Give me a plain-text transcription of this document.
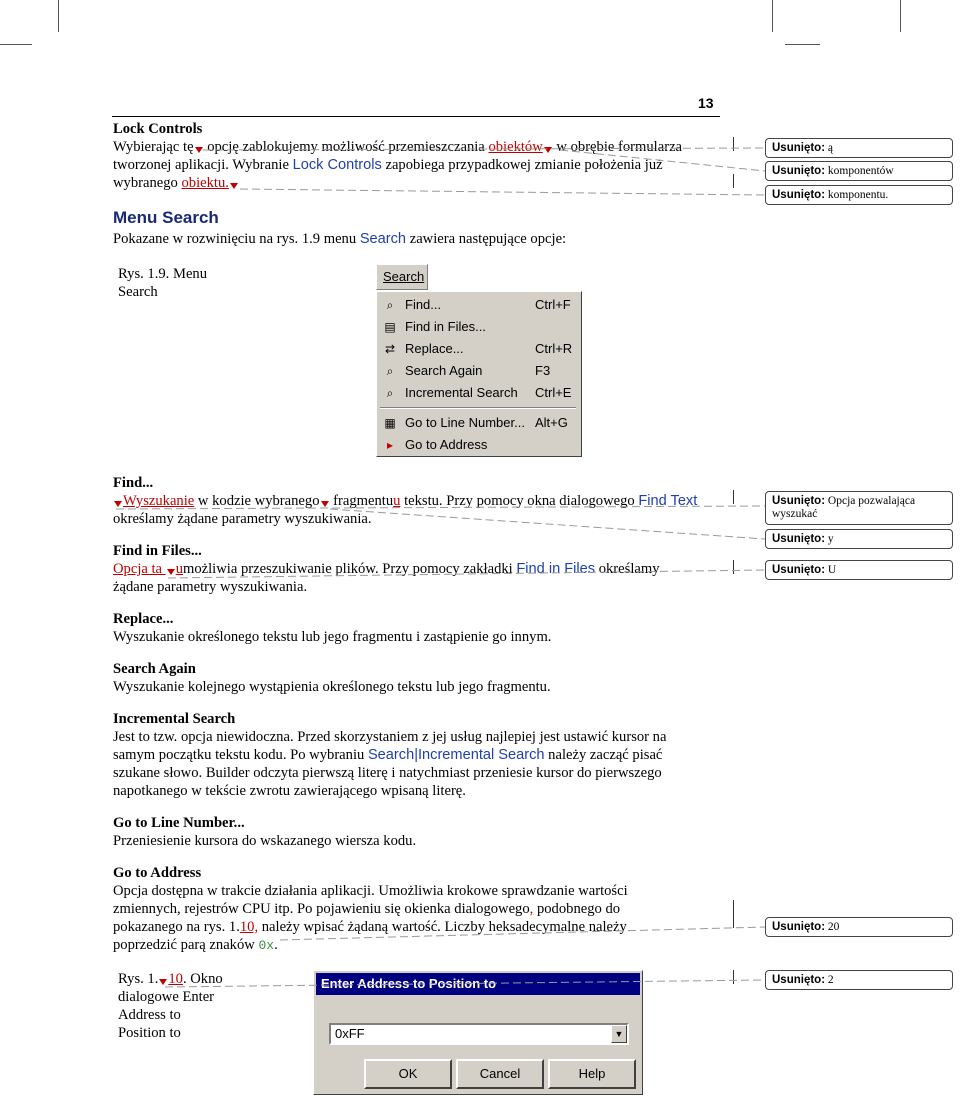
13
Lock Controls
Wybierając tę opcję zablokujemy możliwość przemieszczania obiektów w obrębie formularza
tworzonej aplikacji. Wybranie Lock Controls zapobiega przypadkowej zmianie położenia już
wybranego obiektu.
Menu Search
Pokazane w rozwinięciu na rys. 1.9 menu Search zawiera następujące opcje:
Rys. 1.9. Menu
Search
Search
⌕ Find...	Ctrl+F
▤ Find in Files...
⇄ Replace...	Ctrl+R
⌕ Search Again	F3
⌕ Incremental Search Ctrl+E
▦ Go to Line Number... Alt+G
▸ Go to Address
Find...
Wyszukanie w kodzie wybranego fragmentuu tekstu. Przy pomocy okna dialogowego Find Text
określamy żądane parametry wyszukiwania.
Find in Files...
Opcja ta umożliwia przeszukiwanie plików. Przy pomocy zakładki Find in Files określamy
żądane parametry wyszukiwania.
Replace...
Wyszukanie określonego tekstu lub jego fragmentu i zastąpienie go innym.
Search Again
Wyszukanie kolejnego wystąpienia określonego tekstu lub jego fragmentu.
Incremental Search
Jest to tzw. opcja niewidoczna. Przed skorzystaniem z jej usług najlepiej jest ustawić kursor na
samym początku tekstu kodu. Po wybraniu Search|Incremental Search należy zacząć pisać
szukane słowo. Builder odczyta pierwszą literę i natychmiast przeniesie kursor do pierwszego
napotkanego w tekście zwrotu zawierającego wpisaną literę.
Go to Line Number...
Przeniesienie kursora do wskazanego wiersza kodu.
Go to Address
Opcja dostępna w trakcie działania aplikacji. Umożliwia krokowe sprawdzanie wartości
zmiennych, rejestrów CPU itp. Po pojawieniu się okienka dialogowego, podobnego do
pokazanego na rys. 1.10, należy wpisać żądaną wartość. Liczby heksadecymalne należy
poprzedzić parą znaków 0x.
Rys. 1. 10. Okno
dialogowe Enter
Address to
Position to
Enter Address to Position to
0xFF	▼
OK	Cancel	Help
Usunięto: ą
Usunięto: komponentów
Usunięto: komponentu.
Usunięto: Opcja pozwalająca wyszukać
Usunięto: y
Usunięto: U
Usunięto: 20
Usunięto: 2
